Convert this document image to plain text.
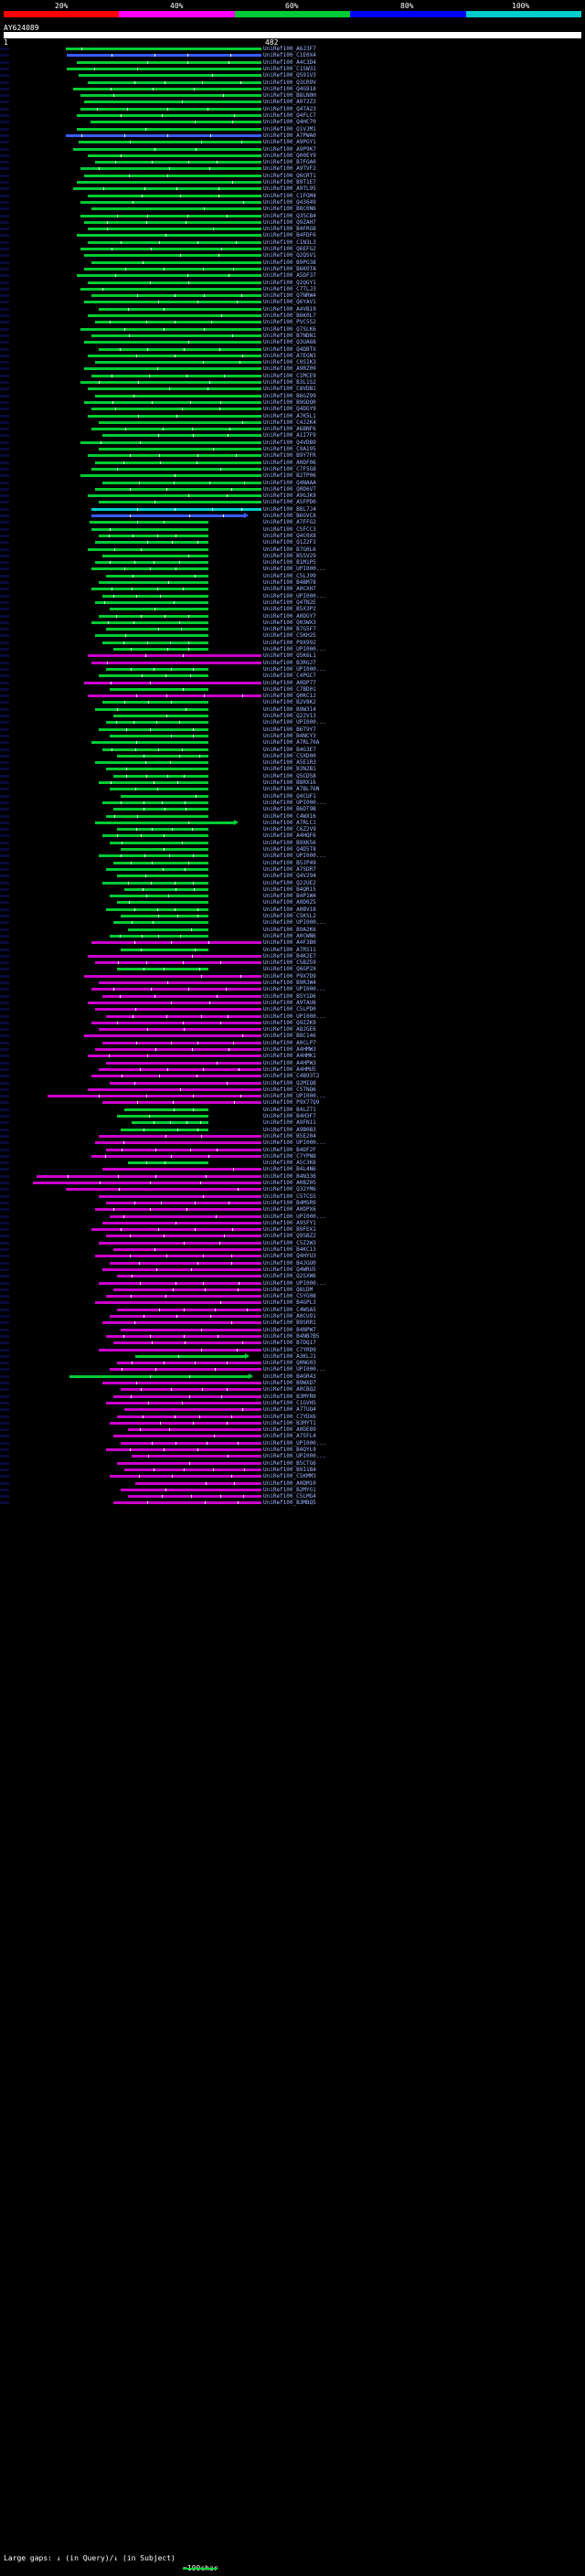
20%	40%	60%	80%	100%
AY624089
1	482
UniRef100_A6J3F7
UniRef100_C1E0X4
UniRef100_A4C3D4
UniRef100_C1SW31
UniRef100_Q591V3
UniRef100_Q3CR9V
UniRef100_Q4G918
UniRef100_B8LN0H
UniRef100_A0T2Z3
UniRef100_Q4TA23
UniRef100_Q4FLC7
UniRef100_Q4HC70
UniRef100_Q1VJM1
UniRef100_A7PWA0
UniRef100_A9PGY1
UniRef100_A9P9K7
UniRef100_Q00EY9
UniRef100_B7FGA0
UniRef100_A9TVF2
UniRef100_Q6CRT1
UniRef100_B9T1E7
UniRef100_A9TL95
UniRef100_C1FGM4
UniRef100_Q43649
UniRef100_B8C0N6
UniRef100_Q3SCB4
UniRef100_Q9ZAH7
UniRef100_B4FRG8
UniRef100_B4FDF6
UniRef100_C1N3L3
UniRef100_Q6EFG2
UniRef100_Q2QSV1
UniRef100_B9PG38
UniRef100_B6K0TA
UniRef100_A5DF37
UniRef100_Q2QGY1
UniRef100_C7TLJ3
UniRef100_Q7NRW4
UniRef100_Q6YAV1
UniRef100_A4VB19
UniRef100_B6K0L7
UniRef100_PVC5S2
UniRef100_Q7SLK6
UniRef100_B7NDN1
UniRef100_Q3UA68
UniRef100_Q4DBTX
UniRef100_A7EGN3
UniRef100_C0S1K3
UniRef100_A9RZ09
UniRef100_C1MCE9
UniRef100_B3L1S2
UniRef100_C8VDB1
UniRef100_B6GZ99
UniRef100_B9GDQ0
UniRef100_Q4DGY9
UniRef100_A7K5L1
UniRef100_C4J2K4
UniRef100_A6BNF6
UniRef100_A1I7F9
UniRef100_Q4VDB9
UniRef100_C9A195
UniRef100_B9Y7FR
UniRef100_A0DF06
UniRef100_C7FSG8
UniRef100_B2TP06
UniRef100_Q4NAAA
UniRef100_Q0D6V7
UniRef100_A9GJK9
UniRef100_A5FPD0
UniRef100_B8L7J4
UniRef100_B6GVC8
UniRef100_A7FFG2
UniRef100_C5FCC3
UniRef100_Q4C0X8
UniRef100_Q1Z2F3
UniRef100_B7G0L6
UniRef100_B5SV29
UniRef100_B1M1P5
UniRef100_UPI000...
UniRef100_C5LJ99
UniRef100_B4BM78
UniRef100_A0CXH7
UniRef100_UPI000...
UniRef100_Q4TN2E
UniRef100_B5X3P2
UniRef100_A0DGY7
UniRef100_Q03WX3
UniRef100_B7G5F7
UniRef100_C5KH25
UniRef100_P9X992
UniRef100_UPI000...
UniRef100_Q5K6L1
UniRef100_B3RGJ7
UniRef100_UPI000...
UniRef100_C4PGC7
UniRef100_A0DP77
UniRef100_C7BD01
UniRef100_Q0KC12
UniRef100_B2V8K2
UniRef100_B9W314
UniRef100_Q22V13
UniRef100_UPI000...
UniRef100_B6T9Y7
UniRef100_B4NCY3
UniRef100_A7RL70A
UniRef100_B4G3E7
UniRef100_C5XD00
UniRef100_A5E1R3
UniRef100_B3N2B1
UniRef100_Q5CD58
UniRef100_B8RX16
UniRef100_A7BL76N
UniRef100_Q4CUF1
UniRef100_UPI000...
UniRef100_B6DT9B
UniRef100_C4WX16
UniRef100_A7RLC1
UniRef100_C6Z2V9
UniRef100_A4HQF6
UniRef100_B9XK56
UniRef100_Q4D5T8
UniRef100_UPI000...
UniRef100_B5JP49
UniRef100_A7SDR7
UniRef100_Q4V294
UniRef100_Q22UE2
UniRef100_B4QR15
UniRef100_B4P1W4
UniRef100_A0D0Z5
UniRef100_A0BV18
UniRef100_C5KSL2
UniRef100_UPI000...
UniRef100_B9A2K6
UniRef100_A0CWN6
UniRef100_A4F3B0
UniRef100_A7RS11
UniRef100_B4K2E7
UniRef100_C5BZ59
UniRef100_Q6GP2X
UniRef100_P9X7D9
UniRef100_B9RJW4
UniRef100_UPI000...
UniRef100_B5Y1D6
UniRef100_A9TAU8
UniRef100_C5LPD0
UniRef100_UPI000...
UniRef100_Q9ZZK9
UniRef100_A8JGE6
UniRef100_B8C146
UniRef100_A0CLP7
UniRef100_A4HMW3
UniRef100_A4HMK1
UniRef100_A4HPW3
UniRef100_A4HMU5
UniRef100_C4B93T2
UniRef100_Q2MIQ8
UniRef100_C5TNQ6
UniRef100_UPI000...
UniRef100_P9X77Q9
UniRef100_B4LZ71
UniRef100_B4H3F7
UniRef100_A9FN11
UniRef100_A9B0B3
UniRef100_B5E204
UniRef100_UPI000...
UniRef100_B4DF2F
UniRef100_C7YPN8
UniRef100_A5C3K6
UniRef100_B4L4N6
UniRef100_B4N336
UniRef100_A0BZ05
UniRef100_Q32YM6
UniRef100_C5TCS5
UniRef100_B4MSR9
UniRef100_A0DPX6
UniRef100_UPI000...
UniRef100_A9SFY1
UniRef100_B9FEX1
UniRef100_Q9SBZ2
UniRef100_C5Z2W3
UniRef100_B4KC13
UniRef100_Q4HYU3
UniRef100_B4JGU0
UniRef100_Q4WRU5
UniRef100_Q2SXW6
UniRef100_UPI000...
UniRef100_Q8LDM
UniRef100_C5YG08
UniRef100_B4GPL3
UniRef100_C4WSA5
UniRef100_A0CU91
UniRef100_B9SRR1
UniRef100_B4NPW7
UniRef100_B4NB7B5
UniRef100_B7DQ17
UniRef100_C7YRD9
UniRef100_A3KLJ1
UniRef100_Q0NG03
UniRef100_UPI000...
UniRef100_B4GR43
UniRef100_B9WXD7
UniRef100_A0CBQ2
UniRef100_B3MYR0
UniRef100_C1GVH5
UniRef100_A7TUQ4
UniRef100_C7YDX6
UniRef100_B3MYT1
UniRef100_A0DE89
UniRef100_A7SFL4
UniRef100_UPI000...
UniRef100_B4QYL9
UniRef100_UPI000...
UniRef100_B5CTG6
UniRef100_B9I1B4
UniRef100_C5KMM3
UniRef100_A0DM10
UniRef100_B2MYG1
UniRef100_C5LMG4
UniRef100_B3MBQ5
Large gaps: ↓ (in Query)/↓ (in Subject)
